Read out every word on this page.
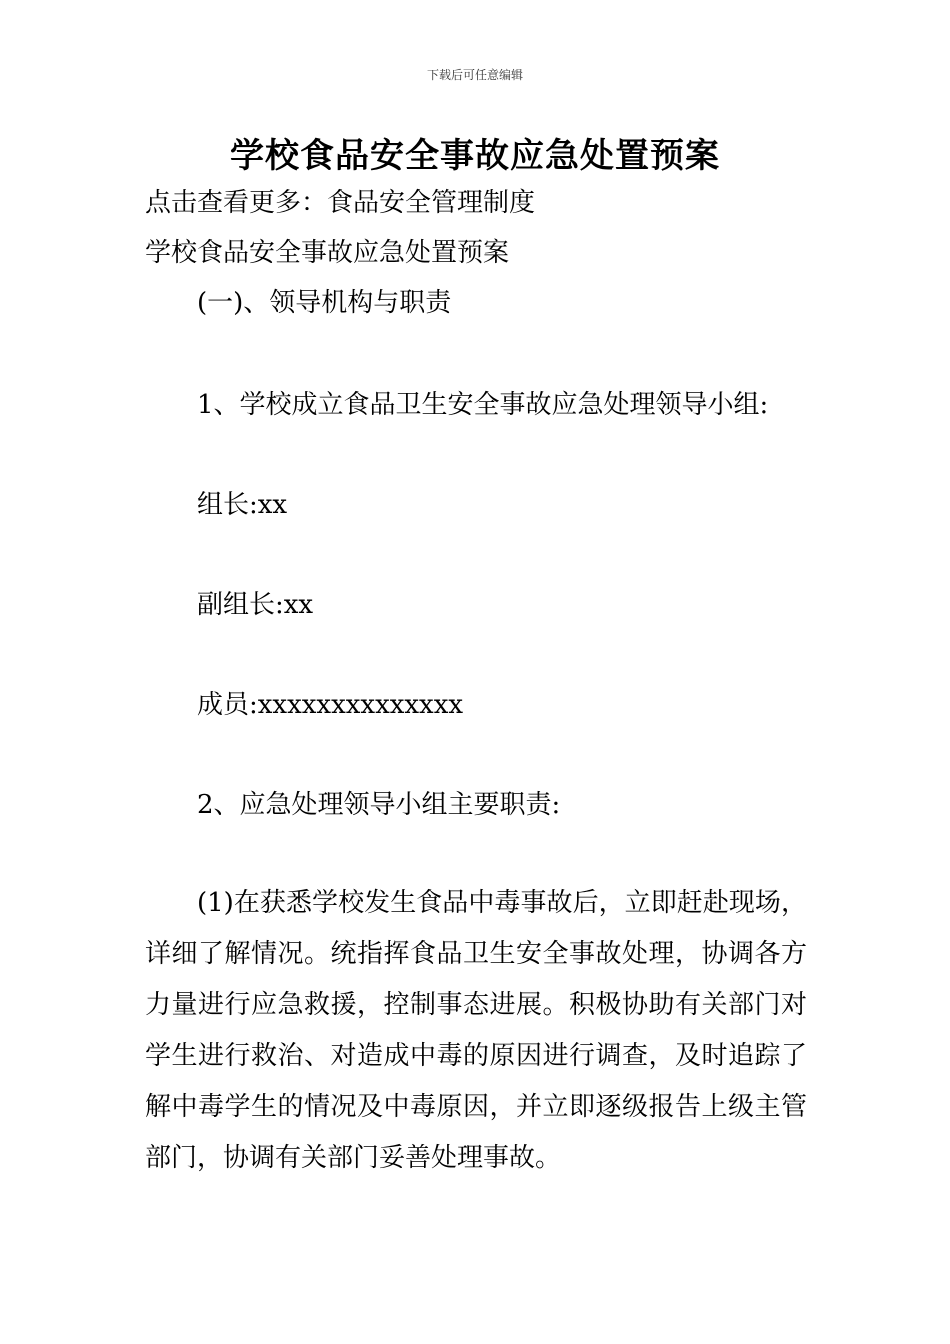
下载后可任意编辑
学校食品安全事故应急处置预案
点击查看更多：食品安全管理制度
学校食品安全事故应急处置预案
(一)、领导机构与职责
1、学校成立食品卫生安全事故应急处理领导小组:
组长:xx
副组长:xx
成员:xxxxxxxxxxxxxx
2、应急处理领导小组主要职责:
(1)在获悉学校发生食品中毒事故后，立即赶赴现场，详细了解情况。统指挥食品卫生安全事故处理，协调各方力量进行应急救援，控制事态进展。积极协助有关部门对学生进行救治、对造成中毒的原因进行调查，及时追踪了解中毒学生的情况及中毒原因，并立即逐级报告上级主管部门，协调有关部门妥善处理事故。
